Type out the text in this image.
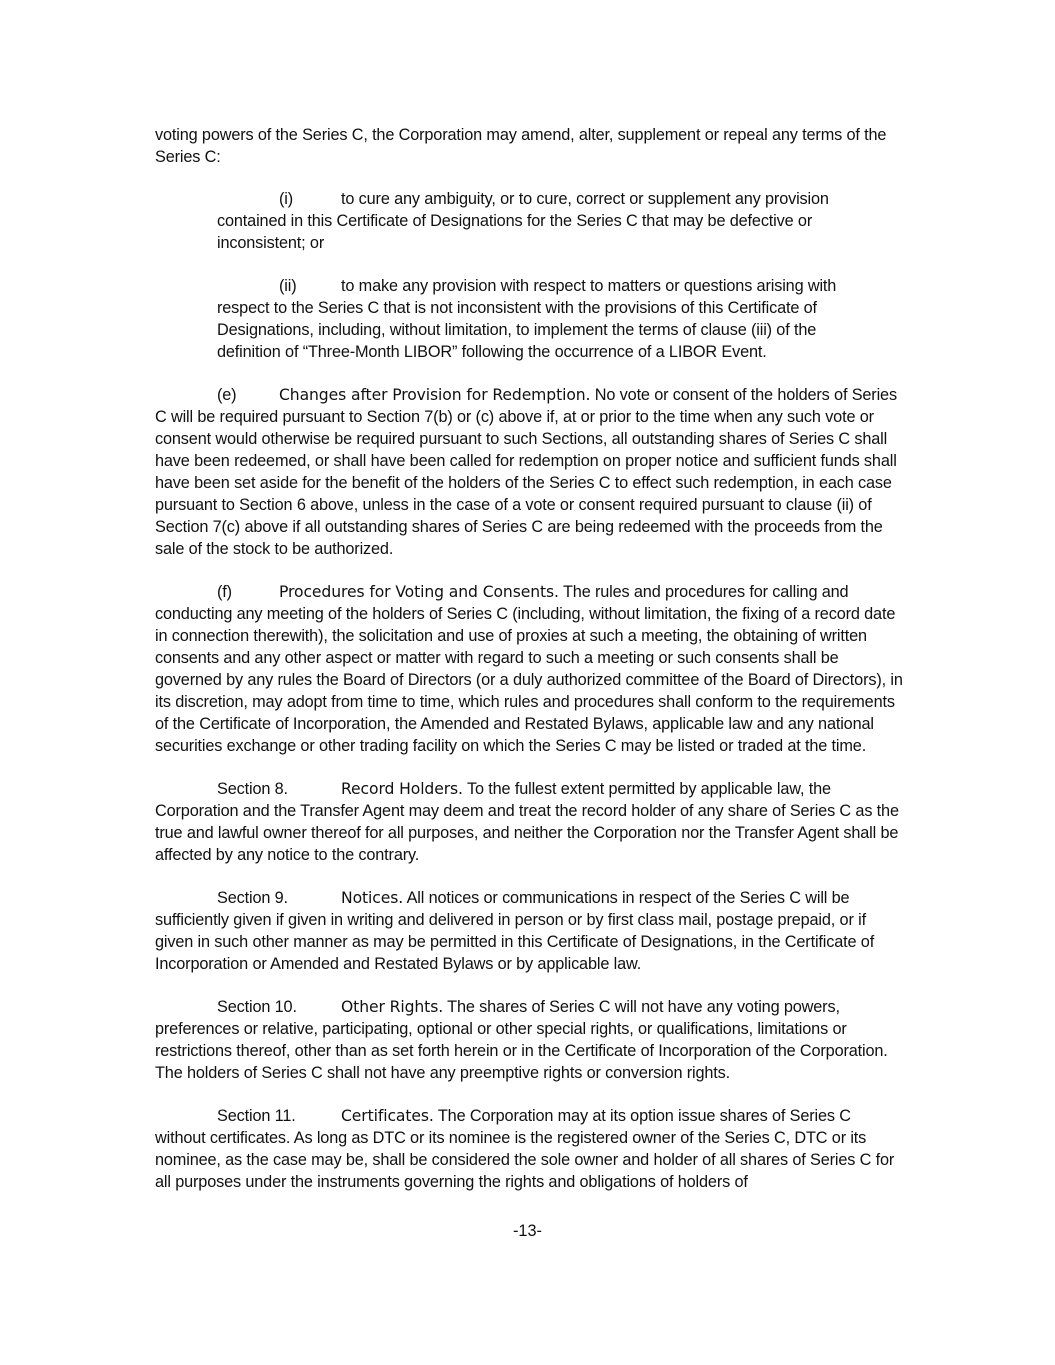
voting powers of the Series C, the Corporation may amend, alter, supplement or repeal any terms of the Series C:

(i)	to cure any ambiguity, or to cure, correct or supplement any provision contained in this Certificate of Designations for the Series C that may be defective or inconsistent; or

(ii)	to make any provision with respect to matters or questions arising with respect to the Series C that is not inconsistent with the provisions of this Certificate of Designations, including, without limitation, to implement the terms of clause (iii) of the definition of “Three-Month LIBOR” following the occurrence of a LIBOR Event.

(e)	Changes after Provision for Redemption. No vote or consent of the holders of Series C will be required pursuant to Section 7(b) or (c) above if, at or prior to the time when any such vote or consent would otherwise be required pursuant to such Sections, all outstanding shares of Series C shall have been redeemed, or shall have been called for redemption on proper notice and sufficient funds shall have been set aside for the benefit of the holders of the Series C to effect such redemption, in each case pursuant to Section 6 above, unless in the case of a vote or consent required pursuant to clause (ii) of Section 7(c) above if all outstanding shares of Series C are being redeemed with the proceeds from the sale of the stock to be authorized.

(f)	Procedures for Voting and Consents. The rules and procedures for calling and conducting any meeting of the holders of Series C (including, without limitation, the fixing of a record date in connection therewith), the solicitation and use of proxies at such a meeting, the obtaining of written consents and any other aspect or matter with regard to such a meeting or such consents shall be governed by any rules the Board of Directors (or a duly authorized committee of the Board of Directors), in its discretion, may adopt from time to time, which rules and procedures shall conform to the requirements of the Certificate of Incorporation, the Amended and Restated Bylaws, applicable law and any national securities exchange or other trading facility on which the Series C may be listed or traded at the time.

Section 8.	Record Holders. To the fullest extent permitted by applicable law, the Corporation and the Transfer Agent may deem and treat the record holder of any share of Series C as the true and lawful owner thereof for all purposes, and neither the Corporation nor the Transfer Agent shall be affected by any notice to the contrary.

Section 9.	Notices. All notices or communications in respect of the Series C will be sufficiently given if given in writing and delivered in person or by first class mail, postage prepaid, or if given in such other manner as may be permitted in this Certificate of Designations, in the Certificate of Incorporation or Amended and Restated Bylaws or by applicable law.

Section 10.	Other Rights. The shares of Series C will not have any voting powers, preferences or relative, participating, optional or other special rights, or qualifications, limitations or restrictions thereof, other than as set forth herein or in the Certificate of Incorporation of the Corporation. The holders of Series C shall not have any preemptive rights or conversion rights.

Section 11.	Certificates. The Corporation may at its option issue shares of Series C without certificates. As long as DTC or its nominee is the registered owner of the Series C, DTC or its nominee, as the case may be, shall be considered the sole owner and holder of all shares of Series C for all purposes under the instruments governing the rights and obligations of holders of

-13-
